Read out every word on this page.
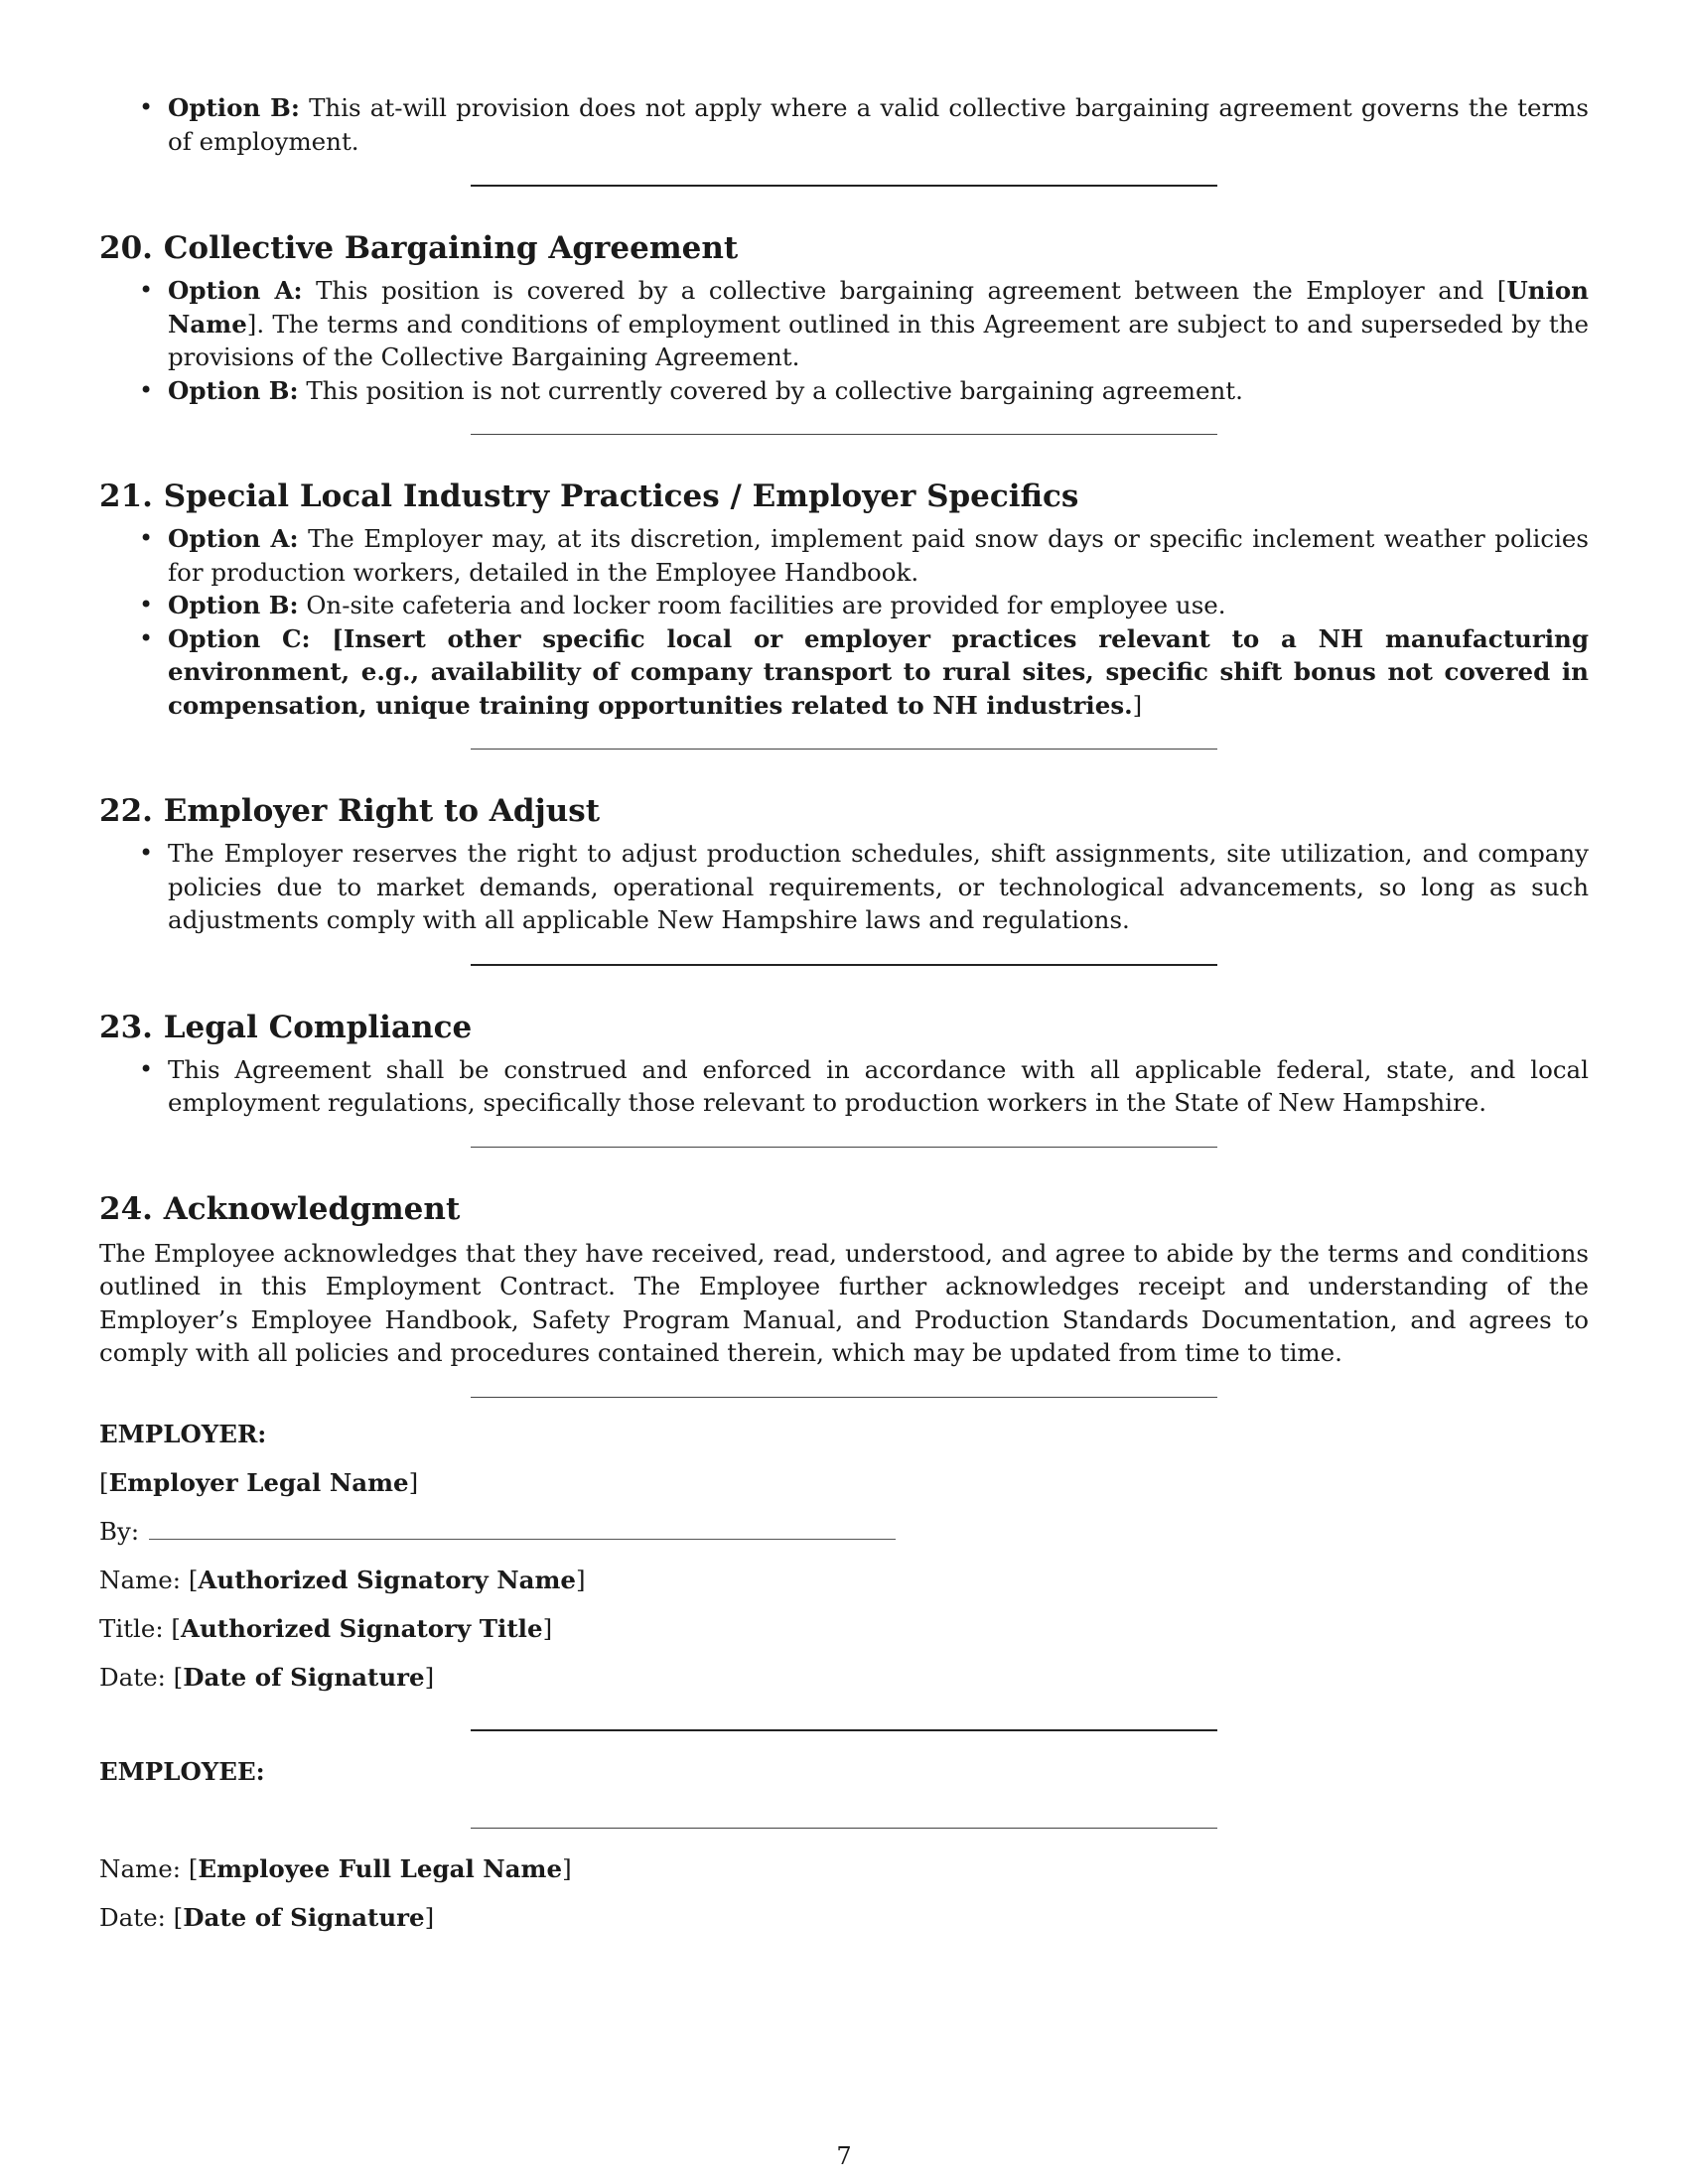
• Option B: This at-will provision does not apply where a valid collective bargaining agreement governs the terms of employment.
20. Collective Bargaining Agreement
• Option A: This position is covered by a collective bargaining agreement between the Employer and [Union Name]. The terms and conditions of employment outlined in this Agreement are subject to and superseded by the provisions of the Collective Bargaining Agreement.
• Option B: This position is not currently covered by a collective bargaining agreement.
21. Special Local Industry Practices / Employer Specifics
• Option A: The Employer may, at its discretion, implement paid snow days or specific inclement weather policies for production workers, detailed in the Employee Handbook.
• Option B: On-site cafeteria and locker room facilities are provided for employee use.
• Option C: [Insert other specific local or employer practices relevant to a NH manufacturing environment, e.g., availability of company transport to rural sites, specific shift bonus not covered in compensation, unique training opportunities related to NH industries.]
22. Employer Right to Adjust
• The Employer reserves the right to adjust production schedules, shift assignments, site utilization, and company policies due to market demands, operational requirements, or technological advancements, so long as such adjustments comply with all applicable New Hampshire laws and regulations.
23. Legal Compliance
• This Agreement shall be construed and enforced in accordance with all applicable federal, state, and local employment regulations, specifically those relevant to production workers in the State of New Hampshire.
24. Acknowledgment

The Employee acknowledges that they have received, read, understood, and agree to abide by the terms and conditions outlined in this Employment Contract. The Employee further acknowledges receipt and understanding of the Employer’s Employee Handbook, Safety Program Manual, and Production Standards Documentation, and agrees to comply with all policies and procedures contained therein, which may be updated from time to time.

EMPLOYER:
[Employer Legal Name]
By:
Name: [Authorized Signatory Name]
Title: [Authorized Signatory Title]
Date: [Date of Signature]
EMPLOYEE:
Name: [Employee Full Legal Name]
Date: [Date of Signature]
7
